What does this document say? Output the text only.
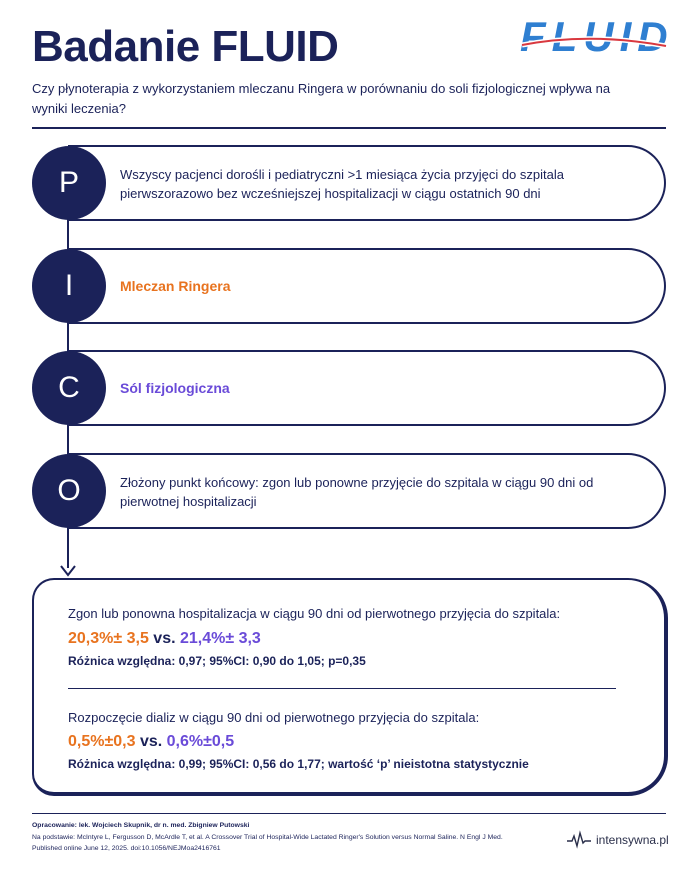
Badanie FLUID	FLUID
Czy płynoterapia z wykorzystaniem mleczanu Ringera w porównaniu do soli fizjologicznej wpływa na wyniki leczenia?
P	Wszyscy pacjenci dorośli i pediatryczni >1 miesiąca życia przyjęci do szpitala pierwszorazowo bez wcześniejszej hospitalizacji w ciągu ostatnich 90 dni
I	Mleczan Ringera
C	Sól fizjologiczna
O	Złożony punkt końcowy: zgon lub ponowne przyjęcie do szpitala w ciągu 90 dni od pierwotnej hospitalizacji
Zgon lub ponowna hospitalizacja w ciągu 90 dni od pierwotnego przyjęcia do szpitala:
20,3%± 3,5 vs. 21,4%± 3,3
Różnica względna: 0,97; 95%CI: 0,90 do 1,05; p=0,35
Rozpoczęcie dializ w ciągu 90 dni od pierwotnego przyjęcia do szpitala:
0,5%±0,3 vs. 0,6%±0,5
Różnica względna: 0,99; 95%CI: 0,56 do 1,77; wartość ‘p’ nieistotna statystycznie
Opracowanie: lek. Wojciech Skupnik, dr n. med. Zbigniew Putowski
Na podstawie: McIntyre L, Fergusson D, McArdle T, et al. A Crossover Trial of Hospital-Wide Lactated Ringer's Solution versus Normal Saline. N Engl J Med.
Published online June 12, 2025. doi:10.1056/NEJMoa2416761
intensywna.pl
